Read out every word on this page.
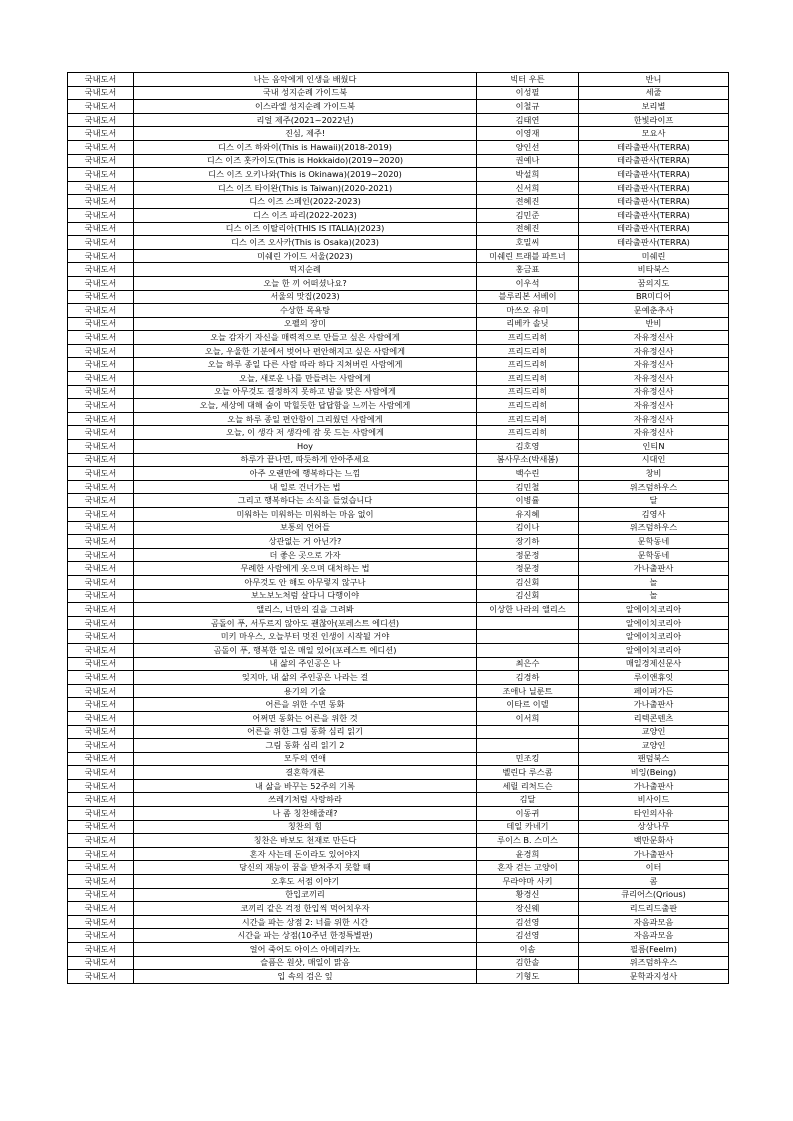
국내도서	나는 음악에게 인생을 배웠다	빅터 우튼	반니
국내도서	국내 성지순례 가이드북	이성필	세줄
국내도서	이스라엘 성지순례 가이드북	이철규	보리별
국내도서	리얼 제주(2021~2022년)	김태연	한빛라이프
국내도서	진심, 제주!	이영재	모요사
국내도서	디스 이즈 하와이(This is Hawaii)(2018-2019)	양인선	테라출판사(TERRA)
국내도서	디스 이즈 홋카이도(This is Hokkaido)(2019~2020)	권예나	테라출판사(TERRA)
국내도서	디스 이즈 오키나와(This is Okinawa)(2019~2020)	박설희	테라출판사(TERRA)
국내도서	디스 이즈 타이완(This is Taiwan)(2020-2021)	신서희	테라출판사(TERRA)
국내도서	디스 이즈 스페인(2022-2023)	전혜진	테라출판사(TERRA)
국내도서	디스 이즈 파리(2022-2023)	김민준	테라출판사(TERRA)
국내도서	디스 이즈 이탈리아(THIS IS ITALIA)(2023)	전혜진	테라출판사(TERRA)
국내도서	디스 이즈 오사카(This is Osaka)(2023)	호밀씨	테라출판사(TERRA)
국내도서	미쉐린 가이드 서울(2023)	미쉐린 트래블 파트너	미쉐린
국내도서	떡지순례	홍금표	비타북스
국내도서	오늘 한 끼 어떠셨나요?	이우석	꿈의지도
국내도서	서울의 맛집(2023)	블루리본 서베이	BR미디어
국내도서	수상한 목욕탕	마쓰오 유미	문예춘추사
국내도서	오펠의 장미	리베카 솔닛	반비
국내도서	오늘 감자기 자신을 매력적으로 만들고 싶은 사람에게	프리드리히	자유정신사
국내도서	오늘, 우울한 기분에서 벗어나 편안해지고 싶은 사람에게	프리드리히	자유정신사
국내도서	오늘 하루 종일 다른 사람 따라 하다 지쳐버린 사람에게	프리드리히	자유정신사
국내도서	오늘, 새로운 나를 만들려는 사람에게	프리드리히	자유정신사
국내도서	오늘 아무것도 결정하지 못하고 밤을 맞은 사람에게	프리드리히	자유정신사
국내도서	오늘, 세상에 대해 숨이 막힐듯한 답답함을 느끼는 사람에게	프리드리히	자유정신사
국내도서	오늘 하루 종일 편안함이 그리웠던 사람에게	프리드리히	자유정신사
국내도서	오늘, 이 생각 저 생각에 잠 못 드는 사람에게	프리드리히	자유정신사
국내도서	Hoy	김호영	인티N
국내도서	하루가 끝나면, 따듯하게 안아주세요	봄사무소(박새봄)	시대인
국내도서	아주 오랜만에 행복하다는 느낌	백수린	창비
국내도서	내 일로 건너가는 법	김민철	위즈덤하우스
국내도서	그리고 행복하다는 소식을 들었습니다	이병률	달
국내도서	미워하는 미워하는 미워하는 마음 없이	유지혜	김영사
국내도서	보통의 언어들	김이나	위즈덤하우스
국내도서	상관없는 거 아닌가?	장기하	문학동네
국내도서	더 좋은 곳으로 가자	정문정	문학동네
국내도서	무례한 사람에게 웃으며 대처하는 법	정문정	가나출판사
국내도서	아무것도 안 해도 아무렇지 않구나	김신회	놀
국내도서	보노보노처럼 살다니 다행이야	김신회	놀
국내도서	앨리스, 너만의 길을 그려봐	이상한 나라의 앨리스	알에이치코리아
국내도서	곰돌이 푸, 서두르지 않아도 괜찮아(포레스트 에디션)		알에이치코리아
국내도서	미키 마우스, 오늘부터 멋진 인생이 시작될 거야		알에이치코리아
국내도서	곰돌이 푸, 행복한 일은 매일 있어(포레스트 에디션)		알에이치코리아
국내도서	내 삶의 주인공은 나	최은수	매일경제신문사
국내도서	잊지마, 내 삶의 주인공은 나라는 걸	김경하	루이앤휴잇
국내도서	용기의 기술	조애나 닐룬트	페이퍼가든
국내도서	어른을 위한 수면 동화	이타르 이델	가나출판사
국내도서	어쩌면 동화는 어른을 위한 것	이서희	리텍콘텐츠
국내도서	어른을 위한 그림 동화 심리 읽기		교양인
국내도서	그림 동화 심리 읽기 2		교양인
국내도서	모두의 연애	민조킹	팬덤북스
국내도서	결혼학개론	벨린다 루스콤	비잉(Being)
국내도서	내 삶을 바꾸는 52주의 기록	세릴 리처드슨	가나출판사
국내도서	쓰레기처럼 사랑하라	김달	비사이드
국내도서	나 좀 칭찬해줄래?	이동귀	타인의사유
국내도서	칭찬의 힘	데일 카네기	상상나무
국내도서	칭찬은 바보도 천재로 만든다	루이스 B. 스미스	백만문화사
국내도서	혼자 사는데 돈이라도 있어야지	윤경희	가나출판사
국내도서	당신의 재능이 꿈을 받쳐주지 못할 때	혼자 걷는 고양이	이터
국내도서	오후도 서점 이야기	무라야마 사키	콤
국내도서	한입코끼리	황경신	큐리어스(Qrious)
국내도서	코끼리 같은 걱정 한입씩 먹어치우자	장신웨	리드리드출판
국내도서	시간을 파는 상점 2: 너를 위한 시간	김선영	자음과모음
국내도서	시간을 파는 상점(10주년 한정특별판)	김선영	자음과모음
국내도서	얼어 죽어도 아이스 아메리카노	이솜	필름(Feelm)
국내도서	슬픔은 원샷, 매일이 맑음	김한솔	위즈덤하우스
국내도서	입 속의 검은 잎	기형도	문학과지성사
